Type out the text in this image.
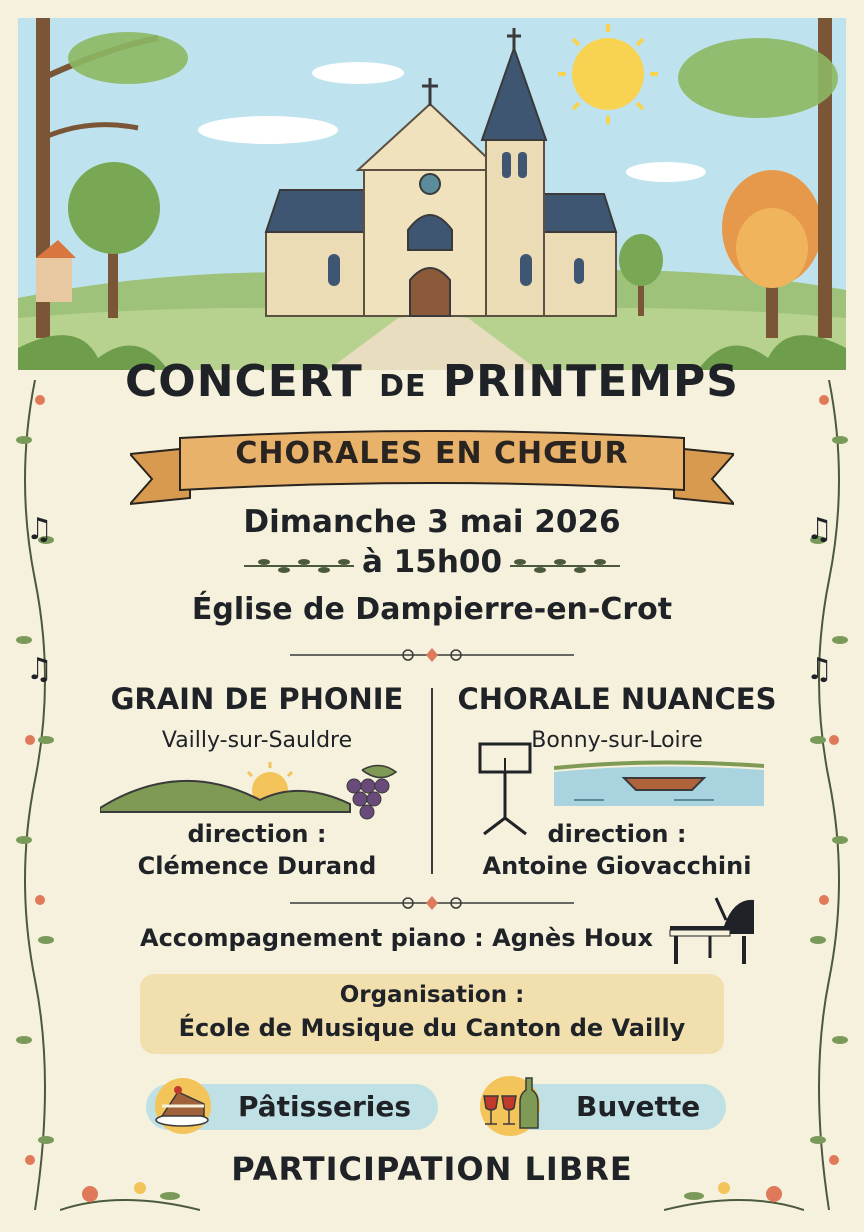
♫
♫
♫
♫
CONCERT DE PRINTEMPS
CHORALES EN CHŒUR
Dimanche 3 mai 2026
à 15h00
Église de Dampierre-en-Crot
GRAIN DE PHONIE
Vailly-sur-Sauldre
CHORALE NUANCES
Bonny-sur-Loire
direction :
Clémence Durand
direction :
Antoine Giovacchini
Accompagnement piano : Agnès Houx
Organisation :
École de Musique du Canton de Vailly
Pâtisseries	Buvette
PARTICIPATION LIBRE
